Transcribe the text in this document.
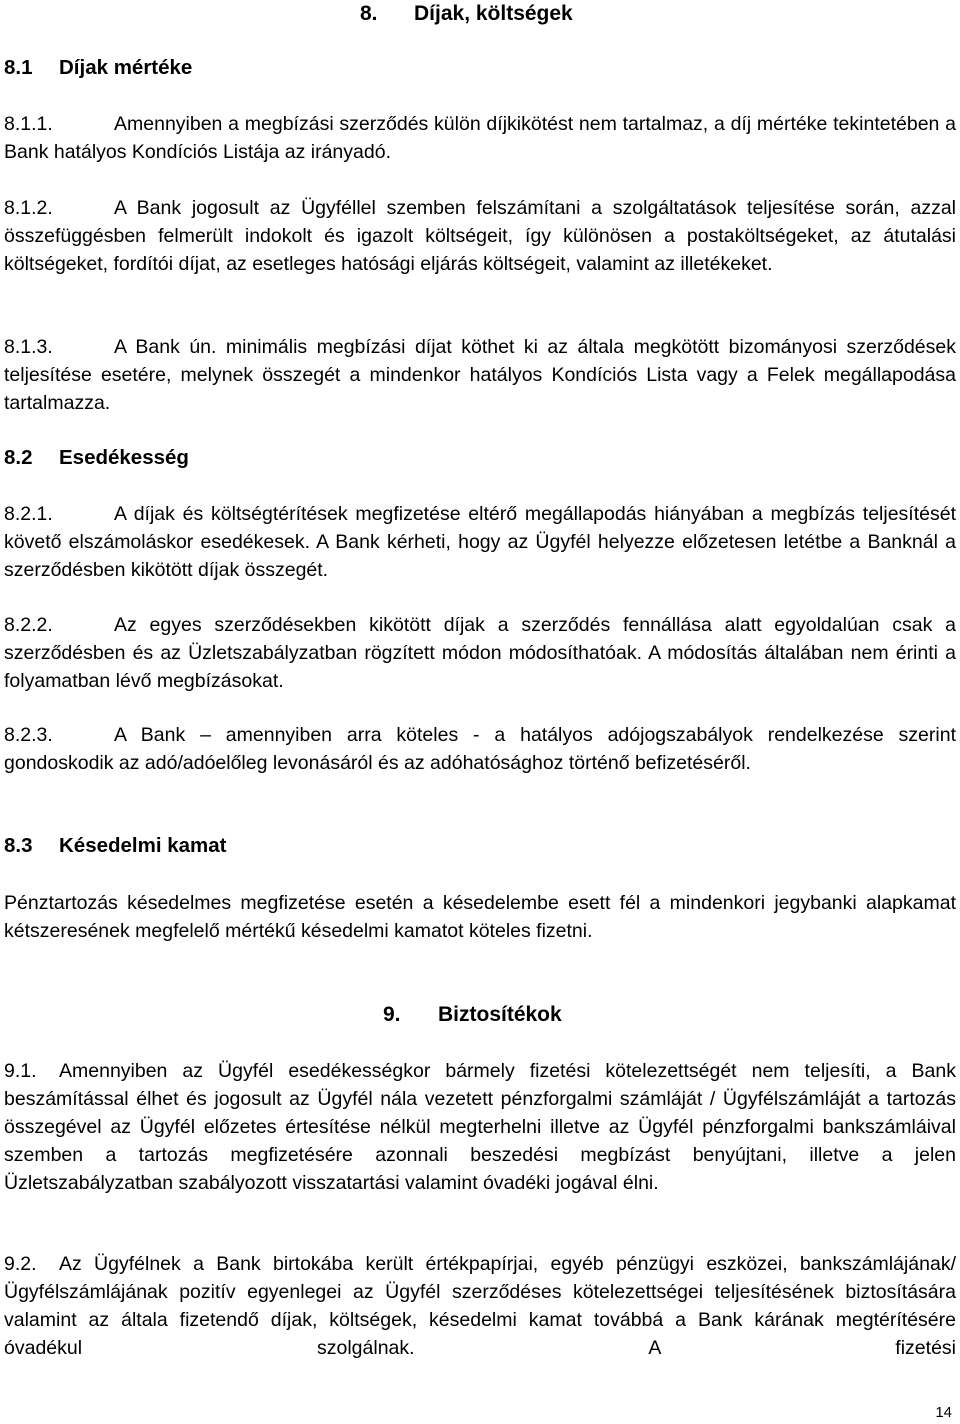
8. Díjak, költségek
8.1 Díjak mértéke

8.1.1.	Amennyiben a megbízási szerződés külön díjkikötést nem tartalmaz, a díj mértéke tekintetében a Bank hatályos Kondíciós Listája az irányadó.

8.1.2.	A Bank jogosult az Ügyféllel szemben felszámítani a szolgáltatások teljesítése során, azzal összefüggésben felmerült indokolt és igazolt költségeit, így különösen a postaköltségeket, az átutalási költségeket, fordítói díjat, az esetleges hatósági eljárás költségeit, valamint az illetékeket.

8.1.3.	A Bank ún. minimális megbízási díjat köthet ki az általa megkötött bizományosi szerződések teljesítése esetére, melynek összegét a mindenkor hatályos Kondíciós Lista vagy a Felek megállapodása tartalmazza.

8.2 Esedékesség

8.2.1.	A díjak és költségtérítések megfizetése eltérő megállapodás hiányában a megbízás teljesítését követő elszámoláskor esedékesek. A Bank kérheti, hogy az Ügyfél helyezze előzetesen letétbe a Banknál a szerződésben kikötött díjak összegét.

8.2.2.	Az egyes szerződésekben kikötött díjak a szerződés fennállása alatt egyoldalúan csak a szerződésben és az Üzletszabályzatban rögzített módon módosíthatóak. A módosítás általában nem érinti a folyamatban lévő megbízásokat.

8.2.3.	A Bank – amennyiben arra köteles - a hatályos adójogszabályok rendelkezése szerint gondoskodik az adó/adóelőleg levonásáról és az adóhatósághoz történő befizetéséről.

8.3 Késedelmi kamat

Pénztartozás késedelmes megfizetése esetén a késedelembe esett fél a mindenkori jegybanki alapkamat kétszeresének megfelelő mértékű késedelmi kamatot köteles fizetni.

9. Biztosítékok

9.1. Amennyiben az Ügyfél esedékességkor bármely fizetési kötelezettségét nem teljesíti, a Bank beszámítással élhet és jogosult az Ügyfél nála vezetett pénzforgalmi számláját / Ügyfélszámláját a tartozás összegével az Ügyfél előzetes értesítése nélkül megterhelni illetve az Ügyfél pénzforgalmi bankszámláival szemben a tartozás megfizetésére azonnali beszedési megbízást benyújtani, illetve a jelen Üzletszabályzatban szabályozott visszatartási valamint óvadéki jogával élni.

9.2. Az Ügyfélnek a Bank birtokába került értékpapírjai, egyéb pénzügyi eszközei, bankszámlájának/ Ügyfélszámlájának pozitív egyenlegei az Ügyfél szerződéses kötelezettségei teljesítésének biztosítására valamint az általa fizetendő díjak, költségek, késedelmi kamat továbbá a Bank kárának megtérítésére óvadékul szolgálnak. A fizetési

14
